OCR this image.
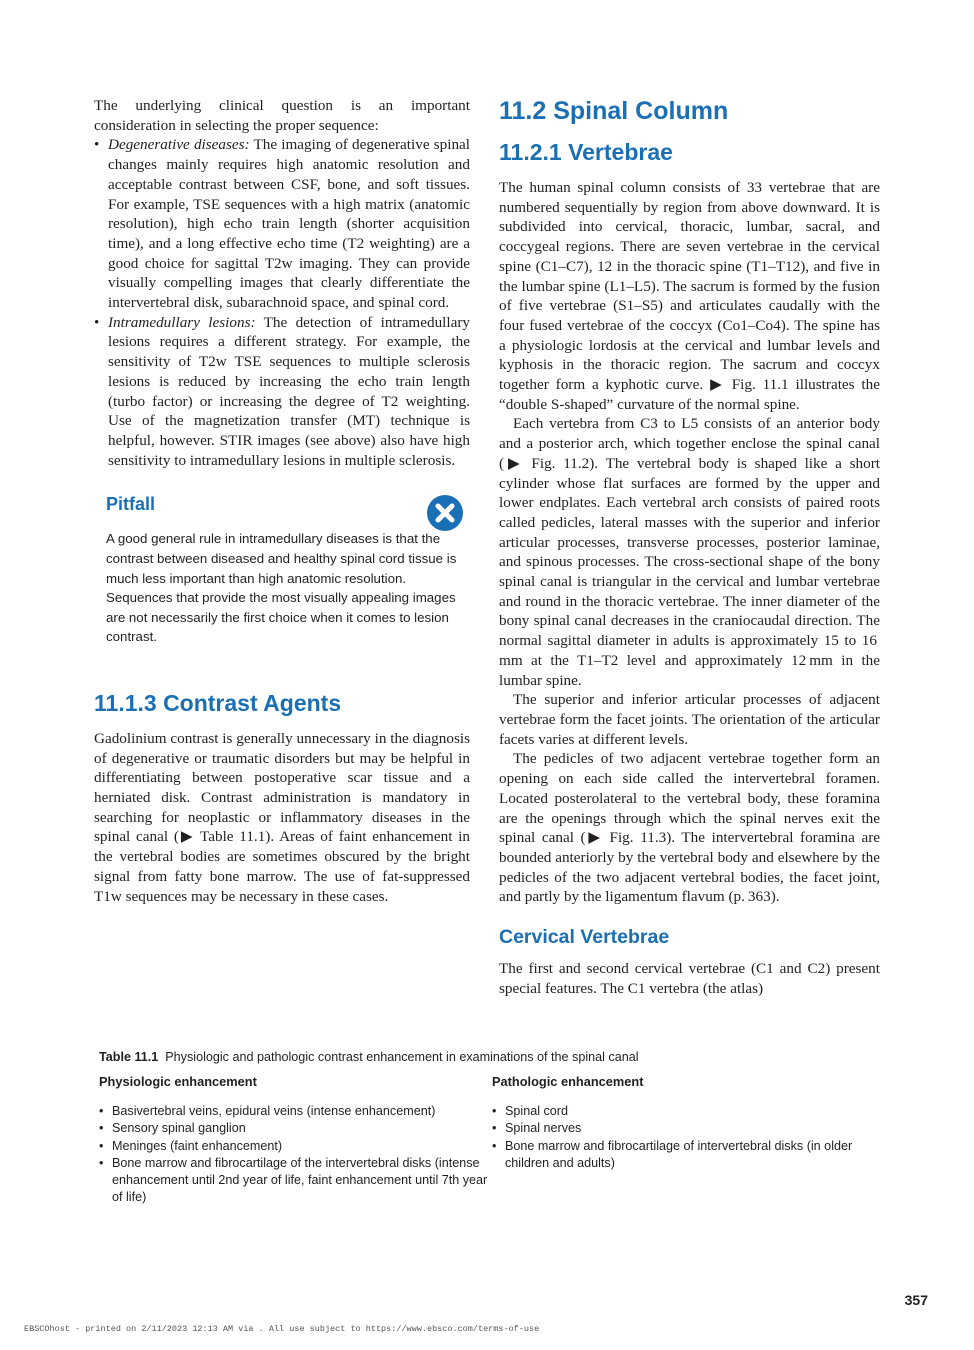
The underlying clinical question is an important consideration in selecting the proper sequence:

• Degenerative diseases: The imaging of degenerative spinal changes mainly requires high anatomic resolution and acceptable contrast between CSF, bone, and soft tissues. For example, TSE sequences with a high matrix (anatomic resolution), high echo train length (shorter acquisition time), and a long effective echo time (T2 weighting) are a good choice for sagittal T2w imaging. They can provide visually compelling images that clearly differentiate the intervertebral disk, subarachnoid space, and spinal cord.
• Intramedullary lesions: The detection of intramedullary lesions requires a different strategy. For example, the sensitivity of T2w TSE sequences to multiple sclerosis lesions is reduced by increasing the echo train length (turbo factor) or increasing the degree of T2 weighting. Use of the magnetization transfer (MT) technique is helpful, however. STIR images (see above) also have high sensitivity to intramedullary lesions in multiple sclerosis.
Pitfall

A good general rule in intramedullary diseases is that the contrast between diseased and healthy spinal cord tissue is much less important than high anatomic resolution. Sequences that provide the most visually appealing images are not necessarily the first choice when it comes to lesion contrast.

11.1.3 Contrast Agents

Gadolinium contrast is generally unnecessary in the diagnosis of degenerative or traumatic disorders but may be helpful in differentiating between postoperative scar tissue and a herniated disk. Contrast administration is mandatory in searching for neoplastic or inflammatory diseases in the spinal canal (▶ Table 11.1). Areas of faint enhancement in the vertebral bodies are sometimes obscured by the bright signal from fatty bone marrow. The use of fat-suppressed T1w sequences may be necessary in these cases.

11.2 Spinal Column
11.2.1 Vertebrae

The human spinal column consists of 33 vertebrae that are numbered sequentially by region from above downward. It is subdivided into cervical, thoracic, lumbar, sacral, and coccygeal regions. There are seven vertebrae in the cervical spine (C1–C7), 12 in the thoracic spine (T1–T12), and five in the lumbar spine (L1–L5). The sacrum is formed by the fusion of five vertebrae (S1–S5) and articulates caudally with the four fused vertebrae of the coccyx (Co1–Co4). The spine has a physiologic lordosis at the cervical and lumbar levels and kyphosis in the thoracic region. The sacrum and coccyx together form a kyphotic curve. ▶ Fig. 11.1 illustrates the “double S-shaped” curvature of the normal spine.

Each vertebra from C3 to L5 consists of an anterior body and a posterior arch, which together enclose the spinal canal (▶ Fig. 11.2). The vertebral body is shaped like a short cylinder whose flat surfaces are formed by the upper and lower endplates. Each vertebral arch consists of paired roots called pedicles, lateral masses with the superior and inferior articular processes, transverse processes, posterior laminae, and spinous processes. The cross-sectional shape of the bony spinal canal is triangular in the cervical and lumbar vertebrae and round in the thoracic vertebrae. The inner diameter of the bony spinal canal decreases in the craniocaudal direction. The normal sagittal diameter in adults is approximately 15 to 16 mm at the T1–T2 level and approximately 12 mm in the lumbar spine.

The superior and inferior articular processes of adjacent vertebrae form the facet joints. The orientation of the articular facets varies at different levels.

The pedicles of two adjacent vertebrae together form an opening on each side called the intervertebral foramen. Located posterolateral to the vertebral body, these foramina are the openings through which the spinal nerves exit the spinal canal (▶ Fig. 11.3). The intervertebral foramina are bounded anteriorly by the vertebral body and elsewhere by the pedicles of the two adjacent vertebral bodies, the facet joint, and partly by the ligamentum flavum (p. 363).

Cervical Vertebrae

The first and second cervical vertebrae (C1 and C2) present special features. The C1 vertebra (the atlas)

Table 11.1 Physiologic and pathologic contrast enhancement in examinations of the spinal canal

Physiologic enhancement
• Basivertebral veins, epidural veins (intense enhancement)
• Sensory spinal ganglion
• Meninges (faint enhancement)
• Bone marrow and fibrocartilage of the intervertebral disks (intense enhancement until 2nd year of life, faint enhancement until 7th year of life)
Pathologic enhancement
• Spinal cord
• Spinal nerves
• Bone marrow and fibrocartilage of intervertebral disks (in older children and adults)
357
EBSCOhost - printed on 2/11/2023 12:13 AM via . All use subject to https://www.ebsco.com/terms-of-use
